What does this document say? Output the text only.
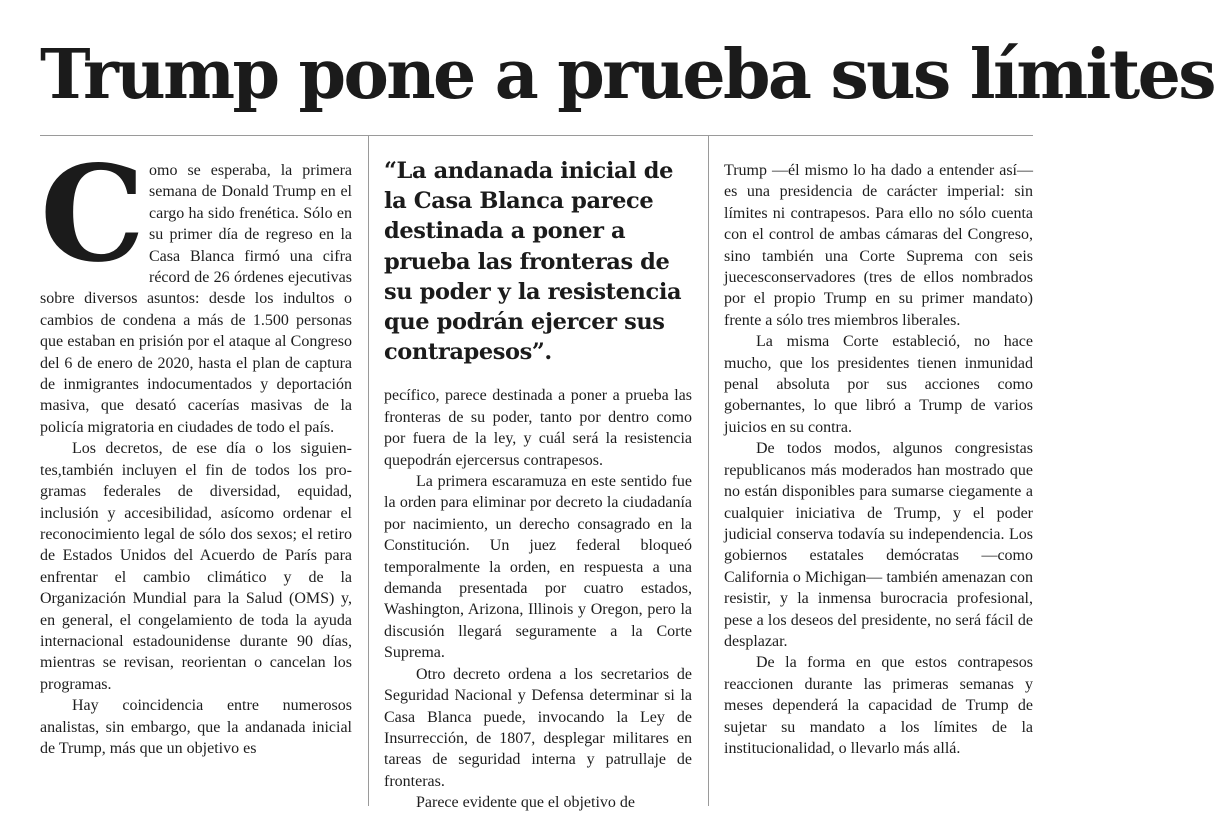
Trump pone a prueba sus límites
C omo se esperaba, la primera semana de Donald Trump en el cargo ha sido frenética. Sólo en su primer día de regreso en la Casa Blanca firmó una cifra récord de 26 órdenes ejecutivas sobre diversos asuntos: desde los indultos o cambios de condena a más de 1.500 personas que estaban en prisión por el ataque al Congreso del 6 de enero de 2020, hasta el plan de captura de inmigrantes indocumentados y deportación masiva, que desató cacerías masivas de la policía migratoria en ciudades de todo el país.

Los decretos, de ese día o los siguientes,también incluyen el fin de todos los programas federales de diversidad, equidad, inclusión y accesibilidad, asícomo ordenar el reconocimiento legal de sólo dos sexos; el retiro de Estados Unidos del Acuerdo de París para enfrentar el cambio climático y de la Organización Mundial para la Salud (OMS) y, en general, el congelamiento de toda la ayuda internacional estadounidense durante 90 días, mientras se revisan, reorientan o cancelan los programas.

Hay coincidencia entre numerosos analistas, sin embargo, que la andanada inicial de Trump, más que un objetivo es

“La andanada inicial de la Casa Blanca parece destinada a poner a prueba las fronteras de su poder y la resistencia que podrán ejercer sus contrapesos”.

pecífico, parece destinada a poner a prueba las fronteras de su poder, tanto por dentro como por fuera de la ley, y cuál será la resistencia quepodrán ejercersus contrapesos.

La primera escaramuza en este sentido fue la orden para eliminar por decreto la ciudadanía por nacimiento, un derecho consagrado en la Constitución. Un juez federal bloqueó temporalmente la orden, en respuesta a una demanda presentada por cuatro estados, Washington, Arizona, Illinois y Oregon, pero la discusión llegará seguramente a la Corte Suprema.

Otro decreto ordena a los secretarios de Seguridad Nacional y Defensa determinar si la Casa Blanca puede, invocando la Ley de Insurrección, de 1807, desplegar militares en tareas de seguridad interna y patrullaje de fronteras.

Parece evidente que el objetivo de

Trump —él mismo lo ha dado a entender así— es una presidencia de carácter imperial: sin límites ni contrapesos. Para ello no sólo cuenta con el control de ambas cámaras del Congreso, sino también una Corte Suprema con seis juecesconservadores (tres de ellos nombrados por el propio Trump en su primer mandato) frente a sólo tres miembros liberales.

La misma Corte estableció, no hace mucho, que los presidentes tienen inmunidad penal absoluta por sus acciones como gobernantes, lo que libró a Trump de varios juicios en su contra.

De todos modos, algunos congresistas republicanos más moderados han mostrado que no están disponibles para sumarse ciegamente a cualquier iniciativa de Trump, y el poder judicial conserva todavía su independencia. Los gobiernos estatales demócratas —como California o Michigan— también amenazan con resistir, y la inmensa burocracia profesional, pese a los deseos del presidente, no será fácil de desplazar.

De la forma en que estos contrapesos reaccionen durante las primeras semanas y meses dependerá la capacidad de Trump de sujetar su mandato a los límites de la institucionalidad, o llevarlo más allá.
